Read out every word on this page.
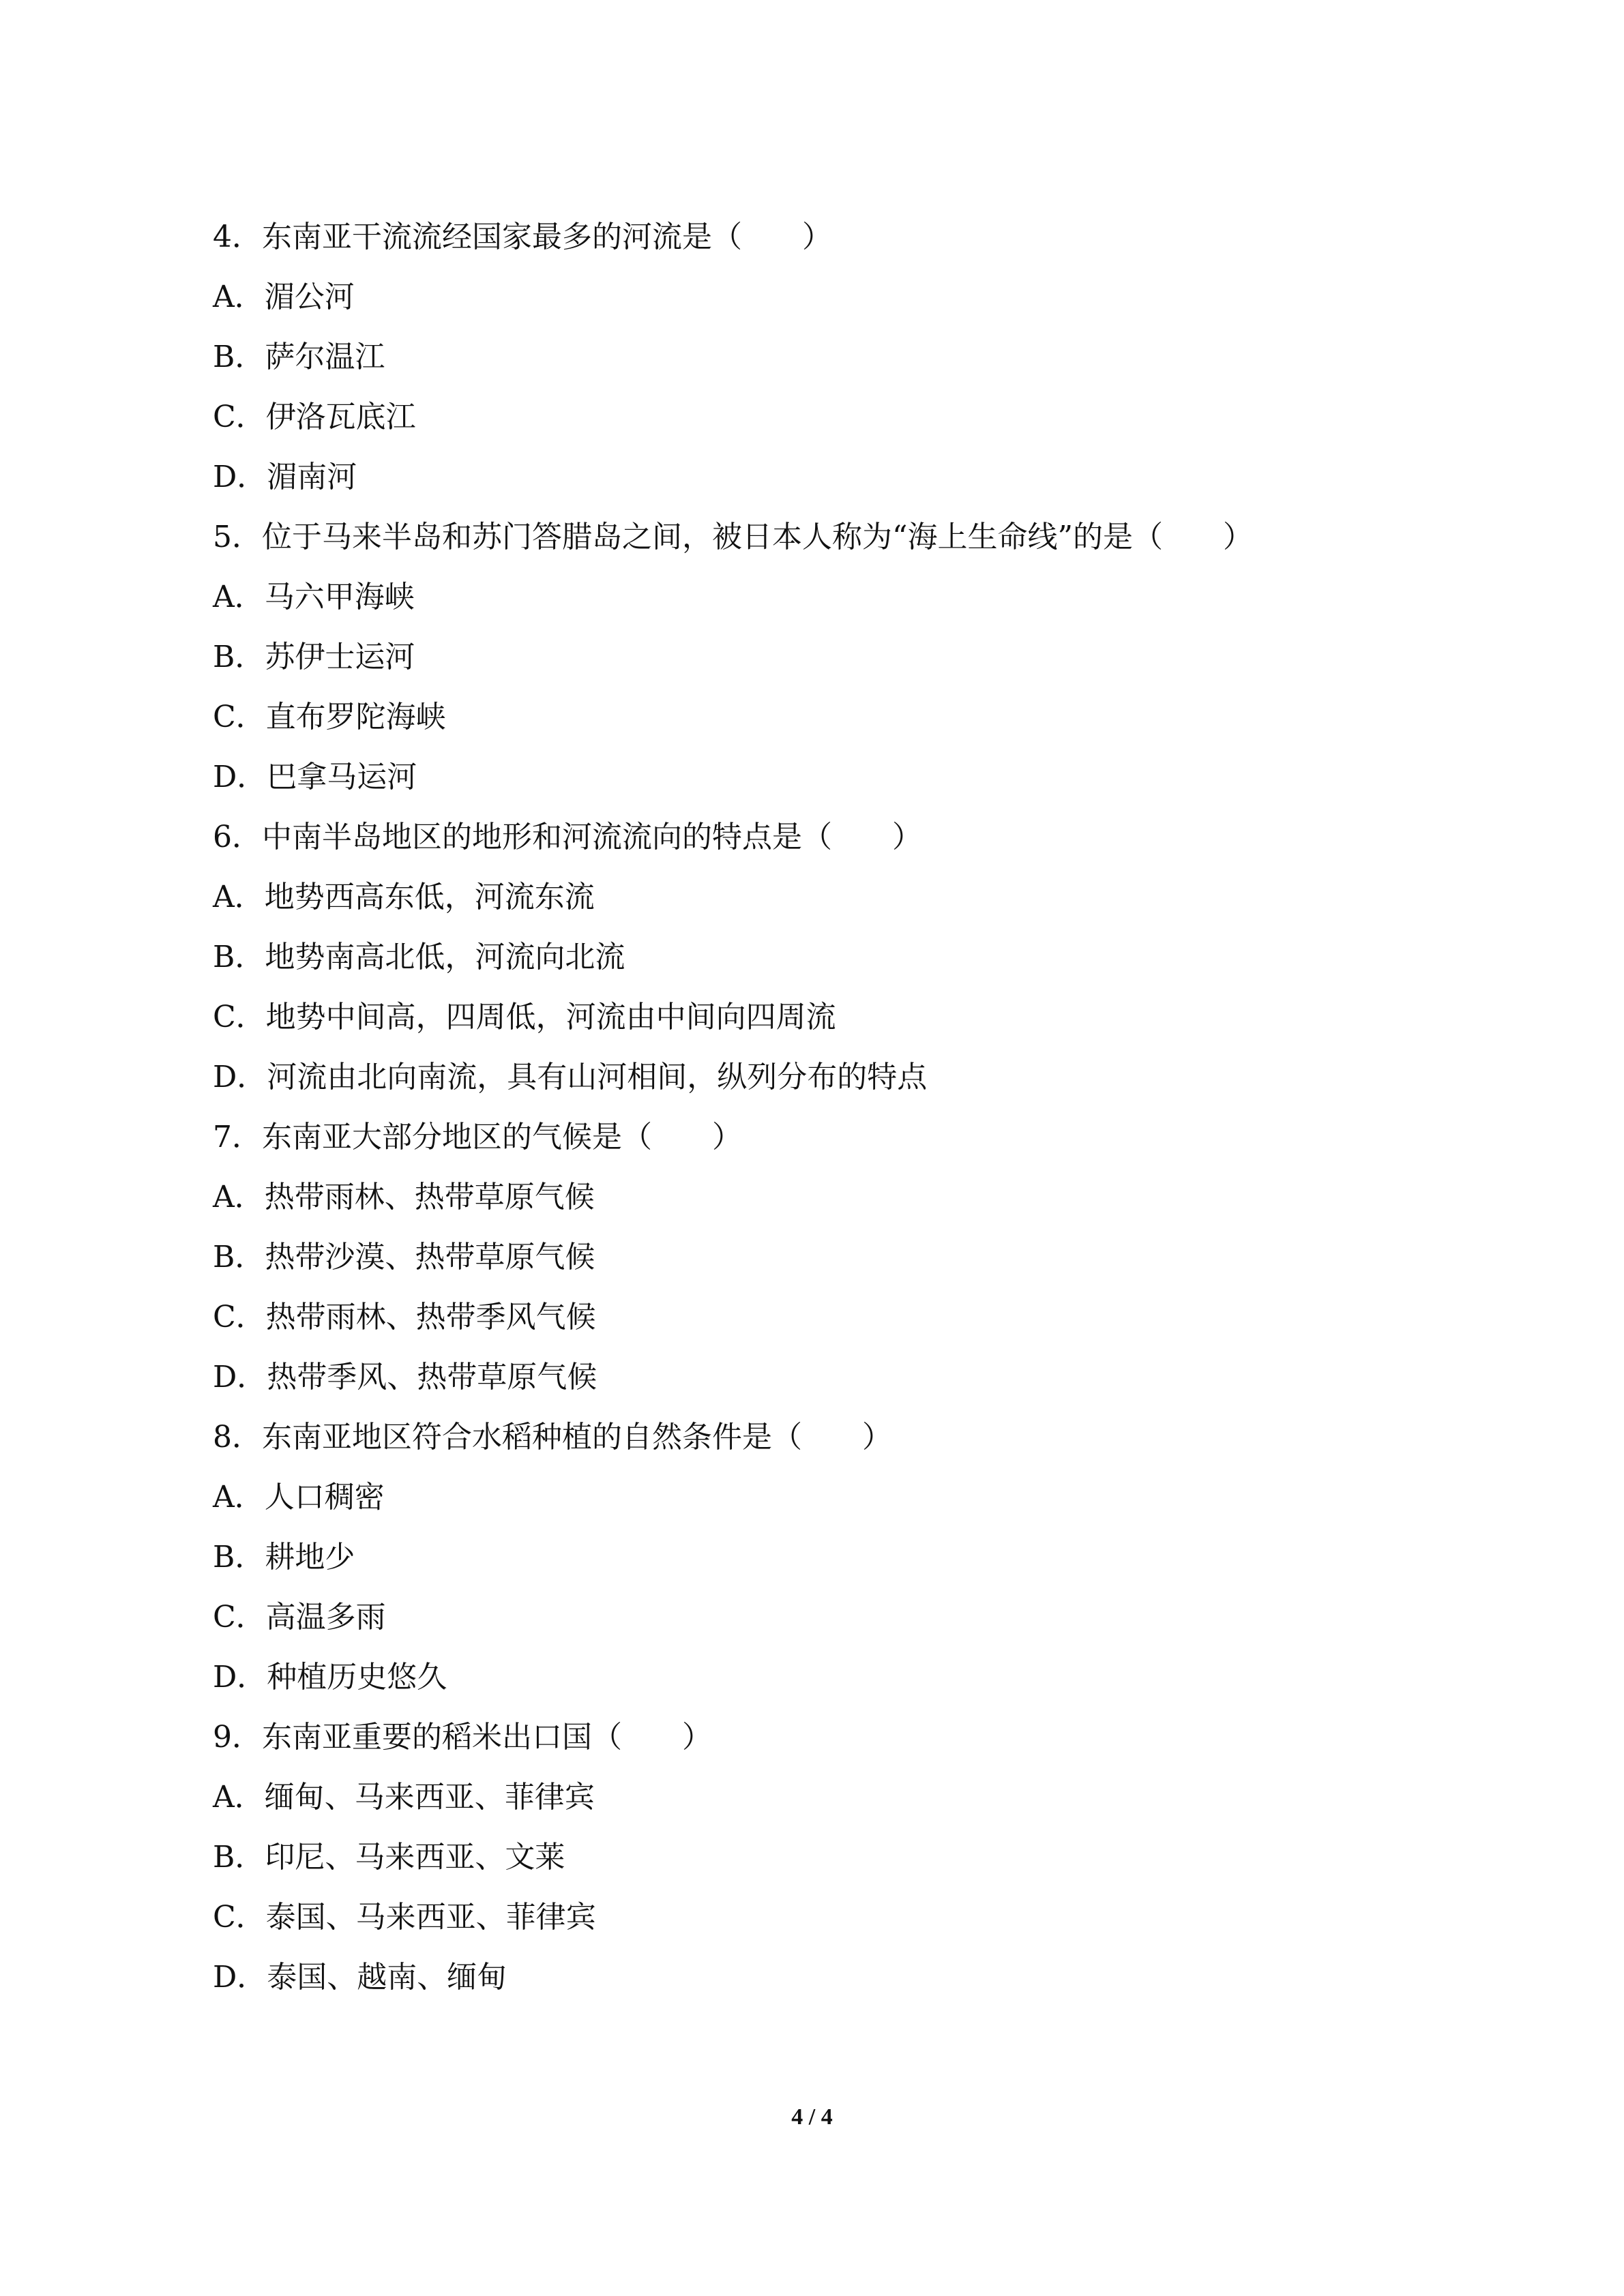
4．东南亚干流流经国家最多的河流是（　　）
A．湄公河
B．萨尔温江
C．伊洛瓦底江
D．湄南河
5．位于马来半岛和苏门答腊岛之间，被日本人称为“海上生命线”的是（　　）
A．马六甲海峡
B．苏伊士运河
C．直布罗陀海峡
D．巴拿马运河
6．中南半岛地区的地形和河流流向的特点是（　　）
A．地势西高东低，河流东流
B．地势南高北低，河流向北流
C．地势中间高，四周低，河流由中间向四周流
D．河流由北向南流，具有山河相间，纵列分布的特点
7．东南亚大部分地区的气候是（　　）
A．热带雨林、热带草原气候
B．热带沙漠、热带草原气候
C．热带雨林、热带季风气候
D．热带季风、热带草原气候
8．东南亚地区符合水稻种植的自然条件是（　　）
A．人口稠密
B．耕地少
C．高温多雨
D．种植历史悠久
9．东南亚重要的稻米出口国（　　）
A．缅甸、马来西亚、菲律宾
B．印尼、马来西亚、文莱
C．泰国、马来西亚、菲律宾
D．泰国、越南、缅甸
4 / 4
